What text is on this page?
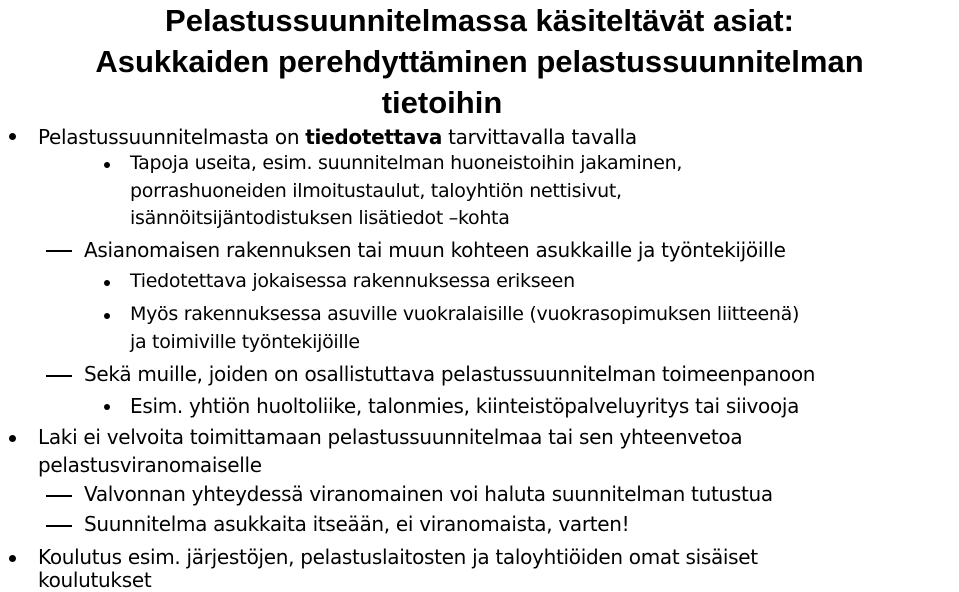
Pelastussuunnitelmassa käsiteltävät asiat:
Asukkaiden perehdyttäminen pelastussuunnitelman
tietoihin
Pelastussuunnitelmasta on tiedotettava tarvittavalla tavalla
Tapoja useita, esim. suunnitelman huoneistoihin jakaminen,
porrashuoneiden ilmoitustaulut, taloyhtiön nettisivut,
isännöitsijäntodistuksen lisätiedot –kohta
Asianomaisen rakennuksen tai muun kohteen asukkaille ja työntekijöille
Tiedotettava jokaisessa rakennuksessa erikseen
Myös rakennuksessa asuville vuokralaisille (vuokrasopimuksen liitteenä)
ja toimiville työntekijöille
Sekä muille, joiden on osallistuttava pelastussuunnitelman toimeenpanoon
Esim. yhtiön huoltoliike, talonmies, kiinteistöpalveluyritys tai siivooja
Laki ei velvoita toimittamaan pelastussuunnitelmaa tai sen yhteenvetoa
pelastusviranomaiselle
Valvonnan yhteydessä viranomainen voi haluta suunnitelman tutustua
Suunnitelma asukkaita itseään, ei viranomaista, varten!
Koulutus esim. järjestöjen, pelastuslaitosten ja taloyhtiöiden omat sisäiset
koulutukset
